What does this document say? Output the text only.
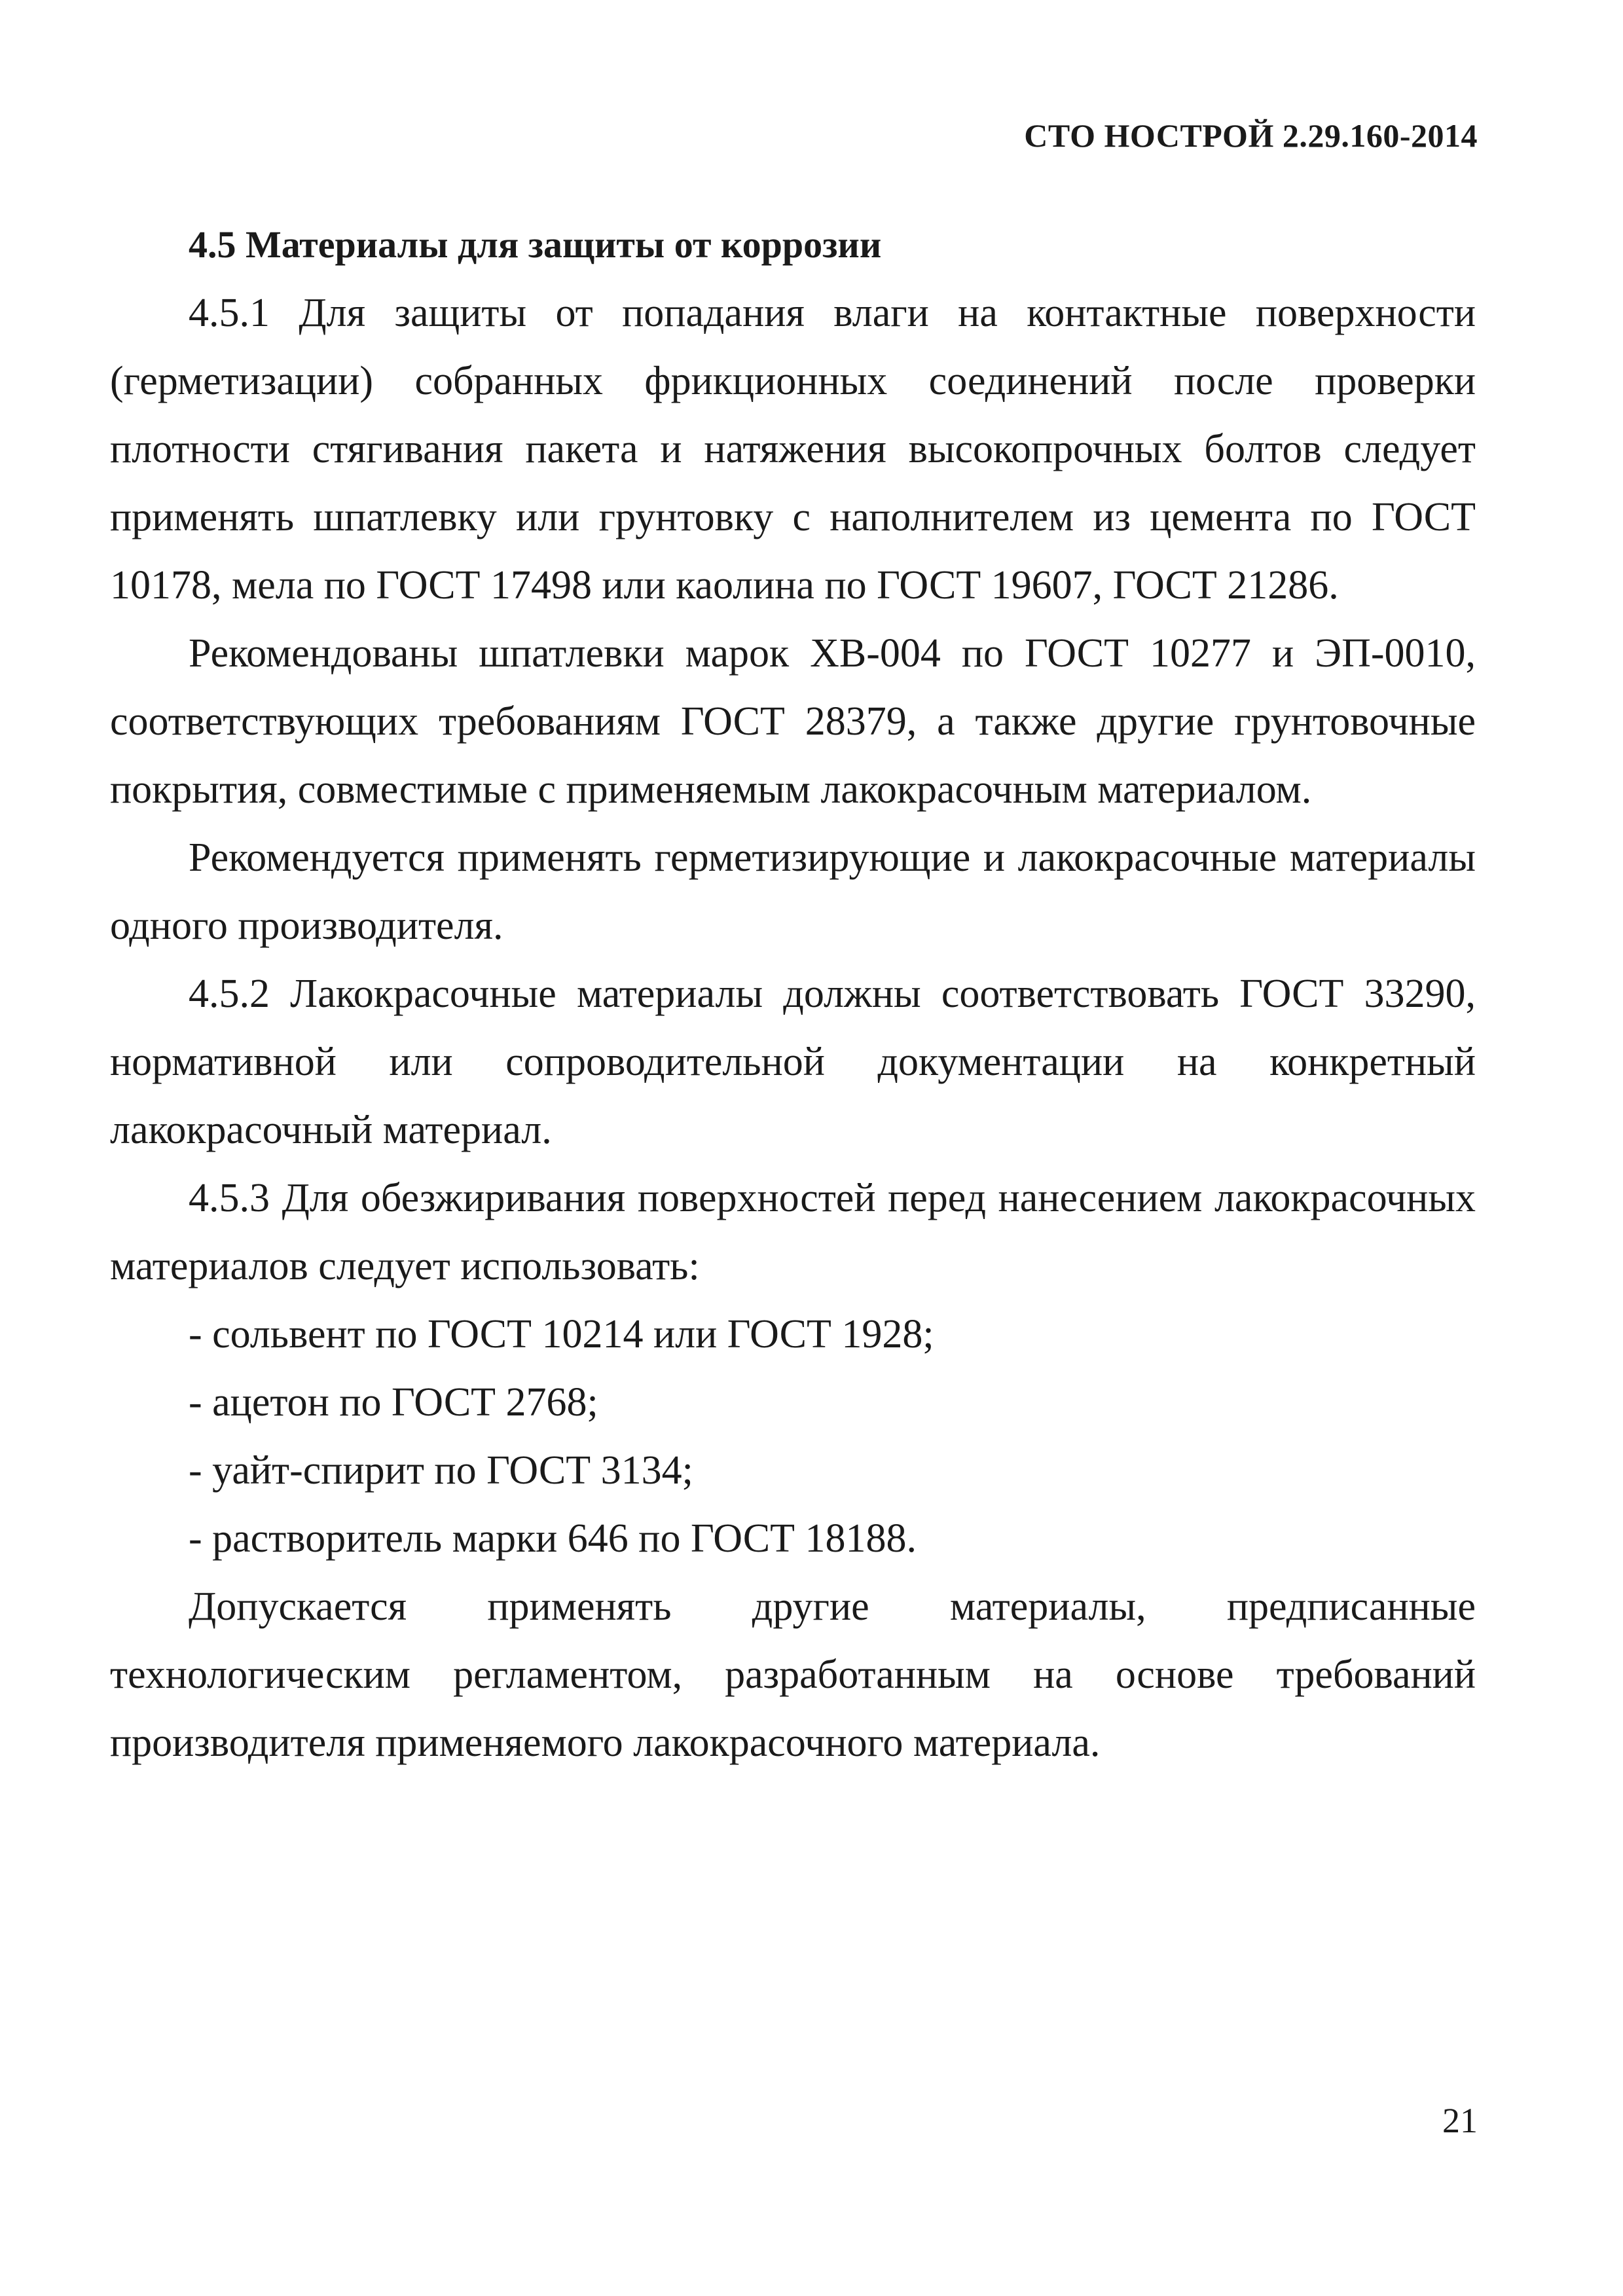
СТО НОСТРОЙ 2.29.160-2014

4.5 Материалы для защиты от коррозии

4.5.1 Для защиты от попадания влаги на контактные поверхности (герметизации) собранных фрикционных соединений после проверки плотности стягивания пакета и натяжения высокопрочных болтов следует применять шпатлевку или грунтовку с наполнителем из цемента по ГОСТ 10178, мела по ГОСТ 17498 или каолина по ГОСТ 19607, ГОСТ 21286.

Рекомендованы шпатлевки марок ХВ-004 по ГОСТ 10277 и ЭП-0010, соответствующих требованиям ГОСТ 28379, а также другие грунтовочные покрытия, совместимые с применяемым лакокрасочным материалом.

Рекомендуется применять герметизирующие и лакокрасочные материалы одного производителя.

4.5.2 Лакокрасочные материалы должны соответствовать ГОСТ 33290, нормативной или сопроводительной документации на конкретный лакокрасочный материал.

4.5.3 Для обезжиривания поверхностей перед нанесением лакокрасочных материалов следует использовать:

- сольвент по ГОСТ 10214 или ГОСТ 1928;

- ацетон по ГОСТ 2768;

- уайт-спирит по ГОСТ 3134;

- растворитель марки 646 по ГОСТ 18188.

Допускается применять другие материалы, предписанные технологическим регламентом, разработанным на основе требований производителя применяемого лакокрасочного материала.

21
